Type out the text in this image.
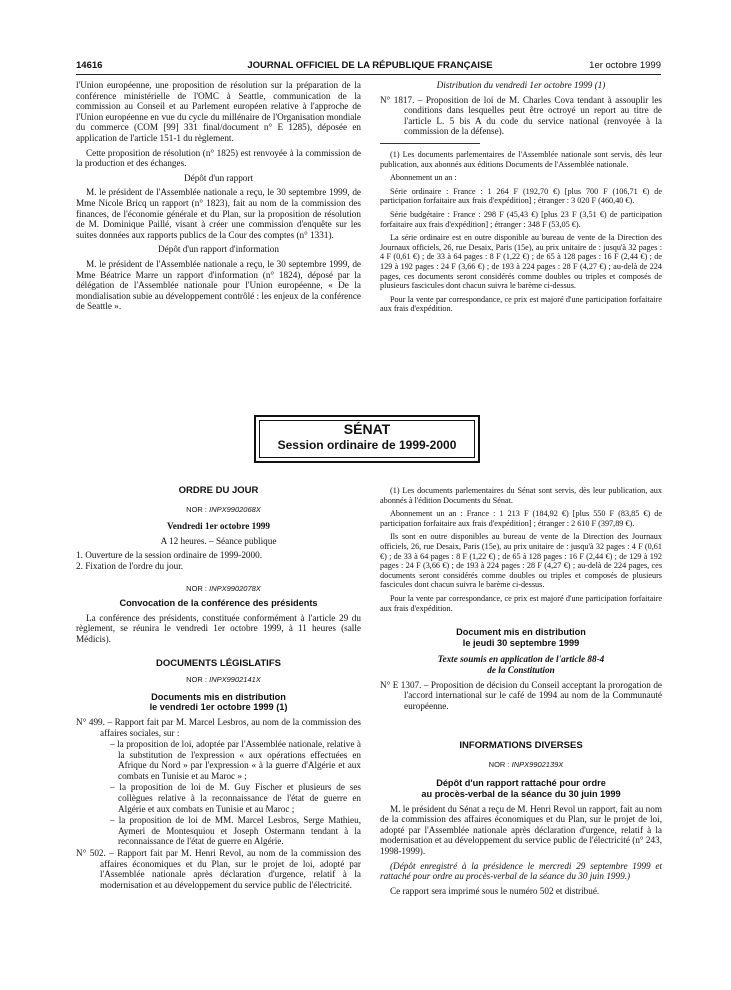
14616	JOURNAL OFFICIEL DE LA RÉPUBLIQUE FRANÇAISE	1er octobre 1999

l'Union européenne, une proposition de résolution sur la préparation de la conférence ministérielle de l'OMC à Seattle, communication de la commission au Conseil et au Parlement européen relative à l'approche de l'Union européenne en vue du cycle du millénaire de l'Organisation mondiale du commerce (COM [99] 331 final/document n° E 1285), déposée en application de l'article 151-1 du règlement.

Cette proposition de résolution (n° 1825) est renvoyée à la commission de la production et des échanges.

Dépôt d'un rapport

M. le président de l'Assemblée nationale a reçu, le 30 septembre 1999, de Mme Nicole Bricq un rapport (n° 1823), fait au nom de la commission des finances, de l'économie générale et du Plan, sur la proposition de résolution de M. Dominique Paillé, visant à créer une commission d'enquête sur les suites données aux rapports publics de la Cour des comptes (n° 1331).

Dépôt d'un rapport d'information

M. le président de l'Assemblée nationale a reçu, le 30 septembre 1999, de Mme Béatrice Marre un rapport d'information (n° 1824), déposé par la délégation de l'Assemblée nationale pour l'Union européenne, « De la mondialisation subie au développement contrôlé : les enjeux de la conférence de Seattle ».

Distribution du vendredi 1er octobre 1999 (1)

N° 1817. – Proposition de loi de M. Charles Cova tendant à assouplir les conditions dans lesquelles peut être octroyé un report au titre de l'article L. 5 bis A du code du service national (renvoyée à la commission de la défense).

(1) Les documents parlementaires de l'Assemblée nationale sont servis, dès leur publication, aux abonnés aux éditions Documents de l'Assemblée nationale.

Abonnement un an :

Série ordinaire : France : 1 264 F (192,70 €) [plus 700 F (106,71 €) de participation forfaitaire aux frais d'expédition] ; étranger : 3 020 F (460,40 €).

Série budgétaire : France : 298 F (45,43 €) [plus 23 F (3,51 €) de participation forfaitaire aux frais d'expédition] ; étranger : 348 F (53,05 €).

La série ordinaire est en outre disponible au bureau de vente de la Direction des Journaux officiels, 26, rue Desaix, Paris (15e), au prix unitaire de : jusqu'à 32 pages : 4 F (0,61 €) ; de 33 à 64 pages : 8 F (1,22 €) ; de 65 à 128 pages : 16 F (2,44 €) ; de 129 à 192 pages : 24 F (3,66 €) ; de 193 à 224 pages : 28 F (4,27 €) ; au-delà de 224 pages, ces documents seront considérés comme doubles ou triples et composés de plusieurs fascicules dont chacun suivra le barème ci-dessus.

Pour la vente par correspondance, ce prix est majoré d'une participation forfaitaire aux frais d'expédition.

SÉNAT
Session ordinaire de 1999-2000

ORDRE DU JOUR

NOR : INPX9902068X

Vendredi 1er octobre 1999

A 12 heures. – Séance publique

1. Ouverture de la session ordinaire de 1999-2000.

2. Fixation de l'ordre du jour.

NOR : INPX9902078X

Convocation de la conférence des présidents

La conférence des présidents, constituée conformément à l'article 29 du règlement, se réunira le vendredi 1er octobre 1999, à 11 heures (salle Médicis).

DOCUMENTS LÉGISLATIFS

NOR : INPX9902141X

Documents mis en distribution

le vendredi 1er octobre 1999 (1)

N° 499. – Rapport fait par M. Marcel Lesbros, au nom de la commission des affaires sociales, sur :

– la proposition de loi, adoptée par l'Assemblée nationale, relative à la substitution de l'expression « aux opérations effectuées en Afrique du Nord » par l'expression « à la guerre d'Algérie et aux combats en Tunisie et au Maroc » ;

– la proposition de loi de M. Guy Fischer et plusieurs de ses collègues relative à la reconnaissance de l'état de guerre en Algérie et aux combats en Tunisie et au Maroc ;

– la proposition de loi de MM. Marcel Lesbros, Serge Mathieu, Aymeri de Montesquiou et Joseph Ostermann tendant à la reconnaissance de l'état de guerre en Algérie.

N° 502. – Rapport fait par M. Henri Revol, au nom de la commission des affaires économiques et du Plan, sur le projet de loi, adopté par l'Assemblée nationale après déclaration d'urgence, relatif à la modernisation et au développement du service public de l'électricité.

(1) Les documents parlementaires du Sénat sont servis, dès leur publication, aux abonnés à l'édition Documents du Sénat.

Abonnement un an : France : 1 213 F (184,92 €) [plus 550 F (83,85 €) de participation forfaitaire aux frais d'expédition] ; étranger : 2 610 F (397,89 €).

Ils sont en outre disponibles au bureau de vente de la Direction des Journaux officiels, 26, rue Desaix, Paris (15e), au prix unitaire de : jusqu'à 32 pages : 4 F (0,61 €) ; de 33 à 64 pages : 8 F (1,22 €) ; de 65 à 128 pages : 16 F (2,44 €) ; de 129 à 192 pages : 24 F (3,66 €) ; de 193 à 224 pages : 28 F (4,27 €) ; au-delà de 224 pages, ces documents seront considérés comme doubles ou triples et composés de plusieurs fascicules dont chacun suivra le barème ci-dessus.

Pour la vente par correspondance, ce prix est majoré d'une participation forfaitaire aux frais d'expédition.

Document mis en distribution

le jeudi 30 septembre 1999

Texte soumis en application de l'article 88-4

de la Constitution

N° E 1307. – Proposition de décision du Conseil acceptant la prorogation de l'accord international sur le café de 1994 au nom de la Communauté européenne.

INFORMATIONS DIVERSES

NOR : INPX9902139X

Dépôt d'un rapport rattaché pour ordre

au procès-verbal de la séance du 30 juin 1999

M. le président du Sénat a reçu de M. Henri Revol un rapport, fait au nom de la commission des affaires économiques et du Plan, sur le projet de loi, adopté par l'Assemblée nationale après déclaration d'urgence, relatif à la modernisation et au développement du service public de l'électricité (n° 243, 1998-1999).

(Dépôt enregistré à la présidence le mercredi 29 septembre 1999 et rattaché pour ordre au procès-verbal de la séance du 30 juin 1999.)

Ce rapport sera imprimé sous le numéro 502 et distribué.
